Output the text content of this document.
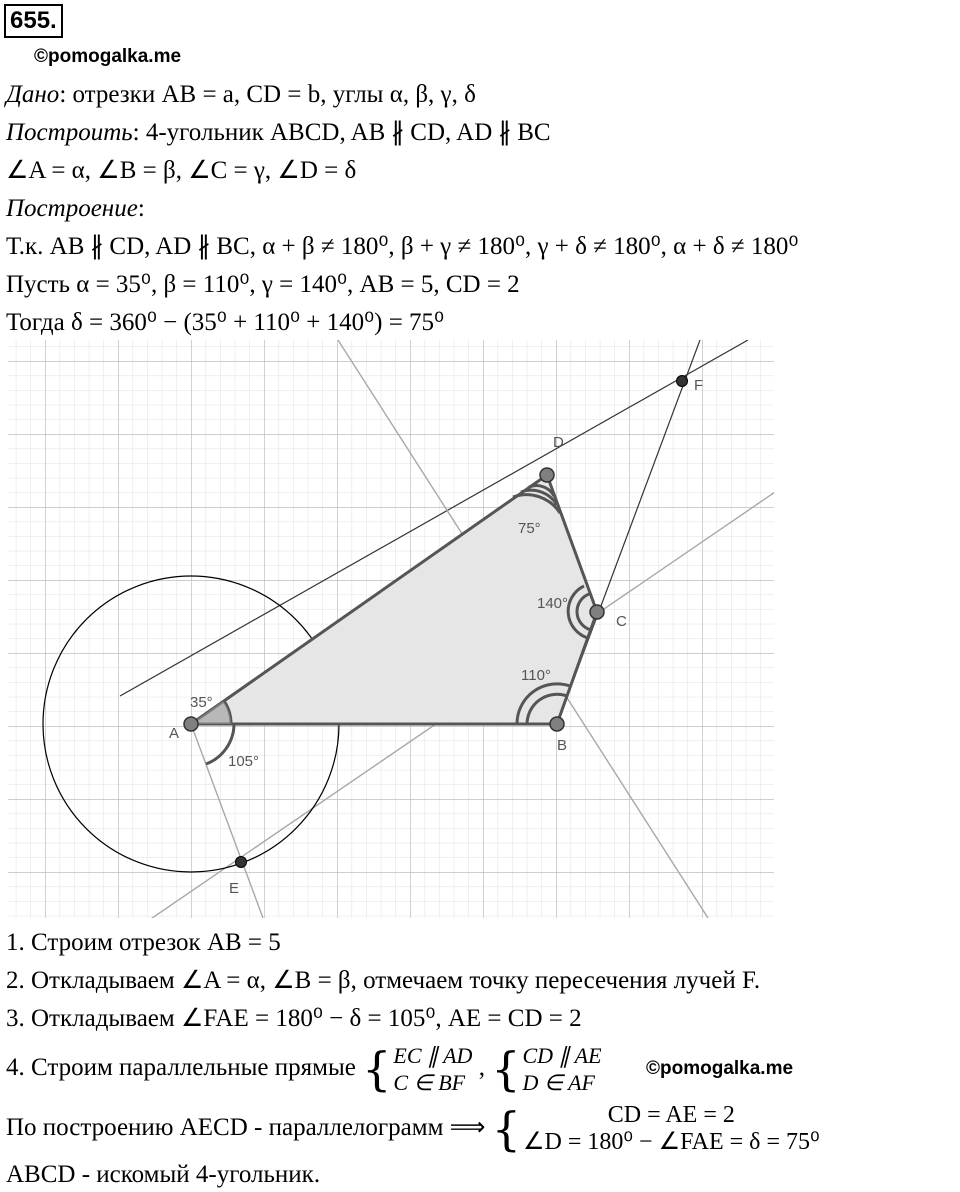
655.
©pomogalka.me
Дано: отрезки AB = a, CD = b, углы α, β, γ, δ
Построить: 4-угольник ABCD, AB ∦ CD, AD ∦ BC
∠A = α, ∠B = β, ∠C = γ, ∠D = δ
Построение:
Т.к. AB ∦ CD, AD ∦ BC, α + β ≠ 180⁰, β + γ ≠ 180⁰, γ + δ ≠ 180⁰, α + δ ≠ 180⁰
Пусть α = 35⁰, β = 110⁰, γ = 140⁰, AB = 5, CD = 2
Тогда δ = 360⁰ − (35⁰ + 110⁰ + 140⁰) = 75⁰
A
B
C
D
E
F
35°
105°
110°
140°
75°
1. Строим отрезок AB = 5
2. Откладываем ∠A = α, ∠B = β, отмечаем точку пересечения лучей F.
3. Откладываем ∠FAE = 180⁰ − δ = 105⁰, AE = CD = 2
4. Строим параллельные прямые { EC ∥ AD
C ∈ BF
, { CD ∥ AE
D ∈ AF
©pomogalka.me
По построению AECD - параллелограмм ⟹ {	CD = AE = 2
∠D = 180⁰ − ∠FAE = δ = 75⁰
ABCD - искомый 4-угольник.
